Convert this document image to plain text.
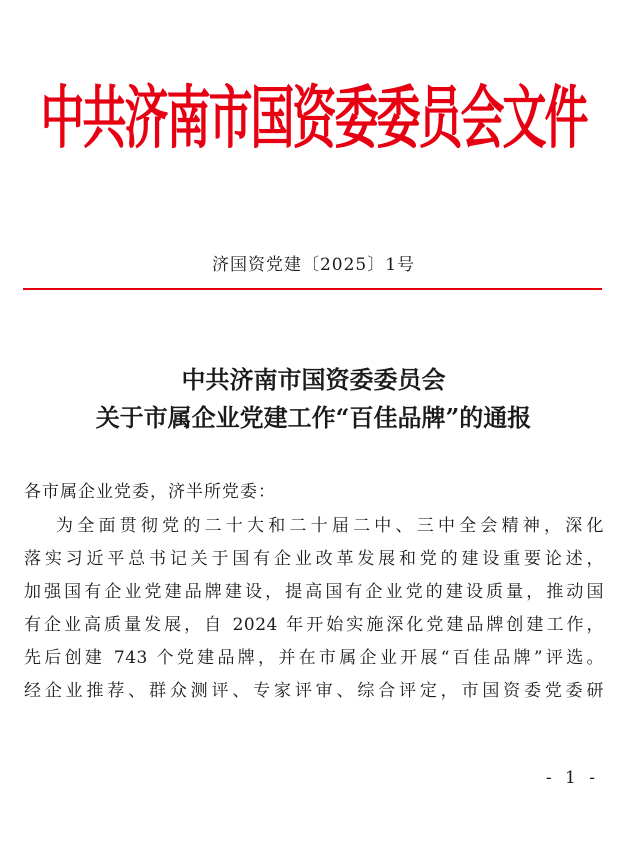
中共济南市国资委委员会文件
济国资党建〔2025〕1号
中共济南市国资委委员会
关于市属企业党建工作“百佳品牌”的通报
各市属企业党委，济半所党委：
为全面贯彻党的二十大和二十届二中、三中全会精神，深化
落实习近平总书记关于国有企业改革发展和党的建设重要论述，
加强国有企业党建品牌建设，提高国有企业党的建设质量，推动国
有企业高质量发展，自 2024 年开始实施深化党建品牌创建工作，
先后创建 743 个党建品牌，并在市属企业开展“百佳品牌”评选。
经企业推荐、群众测评、专家评审、综合评定，市国资委党委研
- 1 -
